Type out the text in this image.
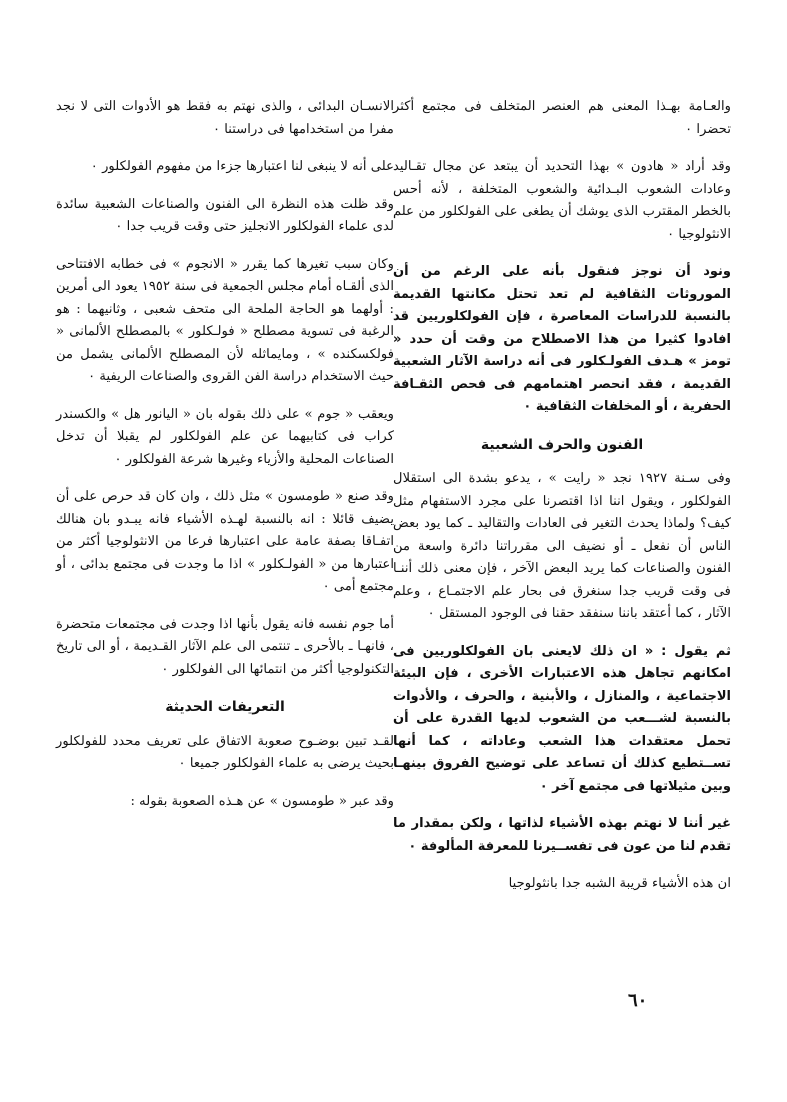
والعـامة بهـذا المعنى هم العنصر المتخلف فى مجتمع أكثر تحضرا ٠

وقد أراد « هادون » بهذا التحديد أن يبتعد عن مجال تقـاليد وعادات الشعوب البـدائية والشعوب المتخلفة ، لأنه أحس بالخطر المقترب الذى يوشك أن يطغى على الفولكلور من علم الانثولوجيا ٠

ونود أن نوجز فنقول بأنه على الرغم من أن الموروثات الثقافية لم تعد تحتل مكانتها القديمة بالنسبة للدراسات المعاصرة ، فإن الفولكلوريين قد افادوا كثيرا من هذا الاصطلاح من وقت أن حدد « تومز » هـدف الفولـكلور فى أنه دراسة الآثار الشعبية القديمة ، فقد انحصر اهتمامهم فى فحص الثقـافة الحفرية ، أو المخلفات الثقافية ٠

الفنون والحرف الشعبية

وفى سـنة ١٩٢٧ نجد « رايت » ، يدعو بشدة الى استقلال الفولكلور ، ويقول اننا اذا اقتصرنا على مجرد الاستفهام مثل كيف؟ ولماذا يحدث التغير فى العادات والتقاليد ـ كما يود بعض الناس أن نفعل ـ أو نضيف الى مقرراتنا دائرة واسعة من الفنون والصناعات كما يريد البعض الآخر ، فإن معنى ذلك أننـا فى وقت قريب جدا سنغرق فى بحار علم الاجتمـاع ، وعلم الآثار ، كما أعتقد باننا سنفقد حقنا فى الوجود المستقل ٠

ثم يقول : « ان ذلك لايعنى بان الفولكلوريين فى امكانهم تجاهل هذه الاعتبارات الأخرى ، فإن البيئة الاجتماعية ، والمنازل ، والأبنية ، والحرف ، والأدوات بالنسبة لشـــعب من الشعوب لديها القدرة على أن تحمل معتقدات هذا الشعب وعاداته ، كما أنها تســتطيع كذلك أن تساعد على توضيح الفروق بينهـا وبين مثيلاتها فى مجتمع آخر ٠

غير أننا لا نهتم بهذه الأشياء لذاتها ، ولكن بمقدار ما تقدم لنا من عون فى تفســيرنا للمعرفة المألوفة ٠

ان هذه الأشياء قريبة الشبه جدا بانثولوجيا

الانسـان البدائى ، والذى نهتم به فقط هو الأدوات التى لا نجد مفرا من استخدامها فى دراستنا ٠

على أنه لا ينبغى لنا اعتبارها جزءا من مفهوم الفولكلور ٠

وقد ظلت هذه النظرة الى الفنون والصناعات الشعبية سائدة لدى علماء الفولكلور الانجليز حتى وقت قريب جدا ٠

وكان سبب تغيرها كما يقرر « الانجوم » فى خطابه الافتتاحى الذى ألقـاه أمام مجلس الجمعية فى سنة ١٩٥٢ يعود الى أمرين : أولهما هو الحاجة الملحة الى متحف شعبى ، وثانيهما : هو الرغبة فى تسوية مصطلح « فولـكلور » بالمصطلح الألمانى « فولكسكنده » ، ومايماثله لأن المصطلح الألمانى يشمل من حيث الاستخدام دراسة الفن القروى والصناعات الريفية ٠

ويعقب « جوم » على ذلك بقوله بان « اليانور هل » والكسندر كراب فى كتابيهما عن علم الفولكلور لم يقبلا أن تدخل الصناعات المحلية والأزياء وغيرها شرعة الفولكلور ٠

وقد صنع « طومسون » مثل ذلك ، وان كان قد حرص على أن يضيف قائلا : انه بالنسبة لهـذه الأشياء فانه يبـدو بان هنالك اتفـاقا بصفة عامة على اعتبارها فرعا من الانثولوجيا أكثر من اعتبارها من « الفولـكلور » اذا ما وجدت فى مجتمع بدائى ، أو مجتمع أمى ٠

أما جوم نفسه فانه يقول بأنها اذا وجدت فى مجتمعات متحضرة ، فانهـا ـ بالأحرى ـ تنتمى الى علم الآثار القـديمة ، أو الى تاريخ التكنولوجيا أكثر من انتمائها الى الفولكلور ٠

التعريفات الحديثة

لقـد تبين بوضـوح صعوبة الاتفاق على تعريف محدد للفولكلور بحيث يرضى به علماء الفولكلور جميعا ٠

وقد عبر « طومسون » عن هـذه الصعوبة بقوله :

٦٠
